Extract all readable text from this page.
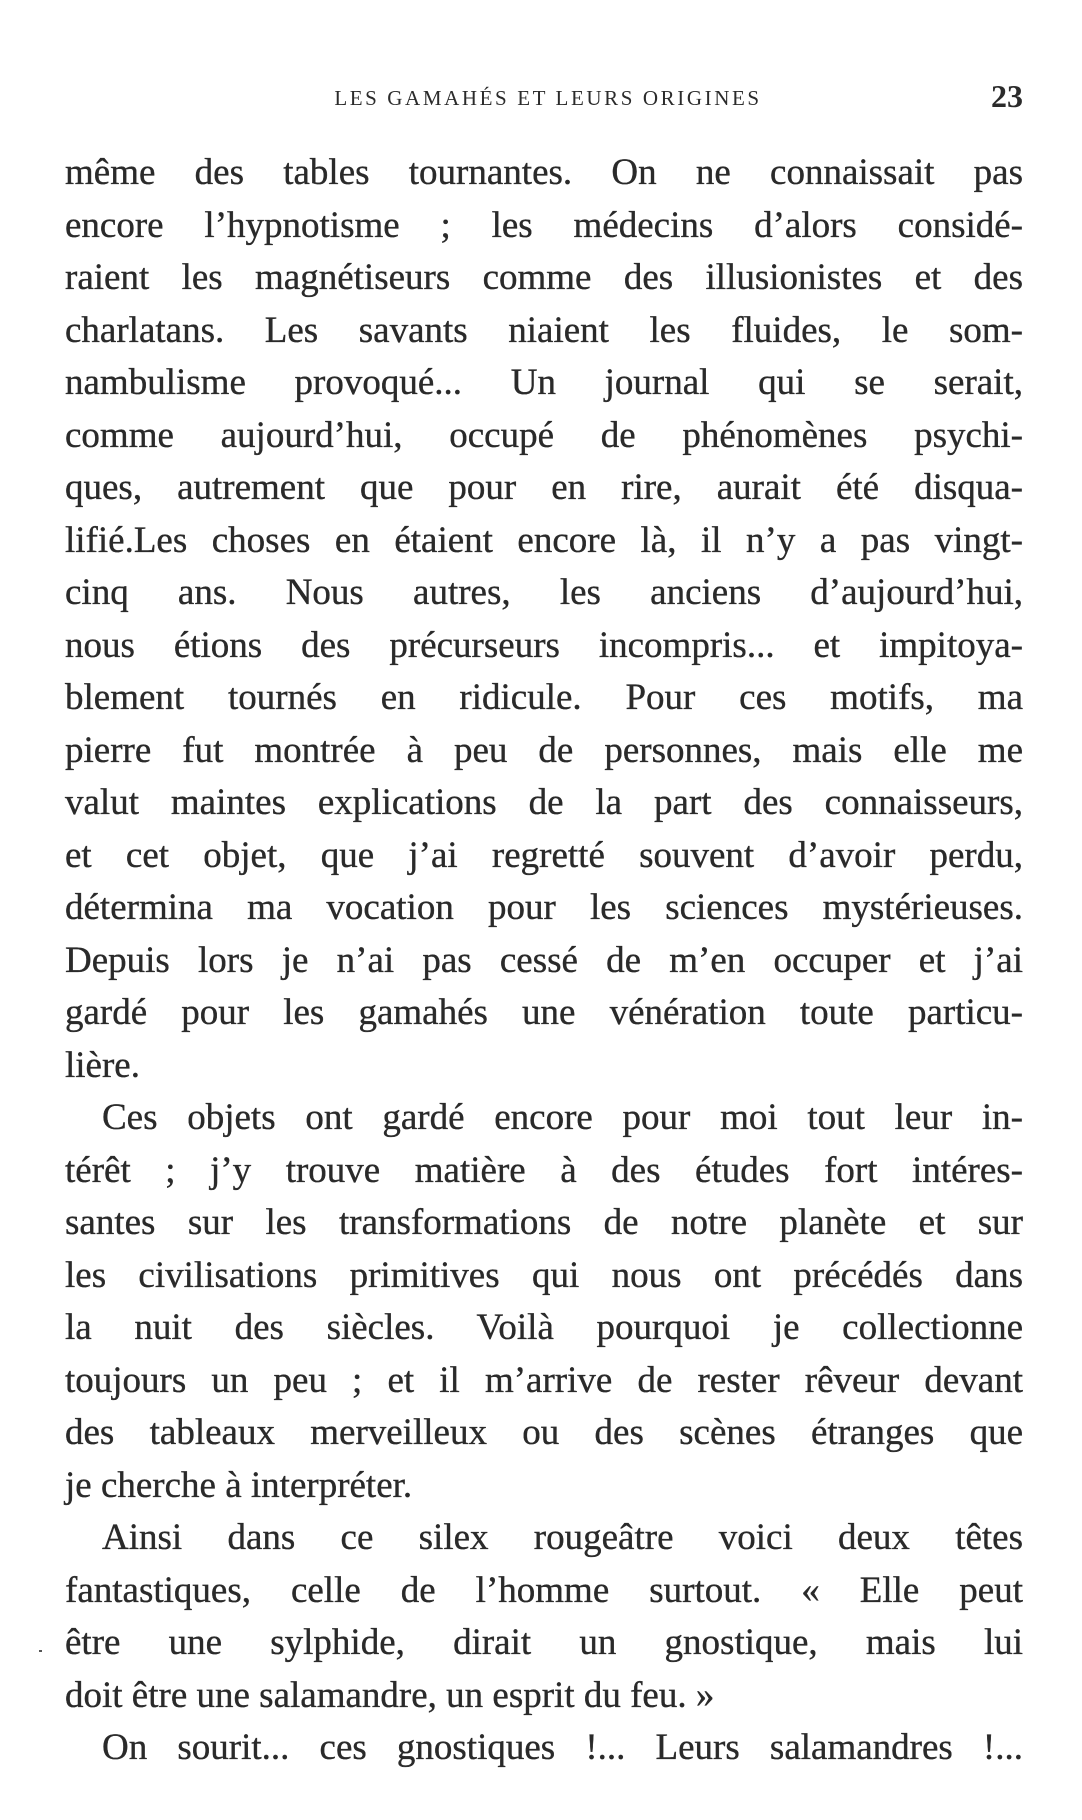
LES GAMAHÉS ET LEURS ORIGINES	23
même des tables tournantes. On ne connaissait pas
encore l’hypnotisme ; les médecins d’alors considé-
raient les magnétiseurs comme des illusionistes et des
charlatans. Les savants niaient les fluides, le som-
nambulisme provoqué... Un journal qui se serait,
comme aujourd’hui, occupé de phénomènes psychi-
ques, autrement que pour en rire, aurait été disqua-
lifié.Les choses en étaient encore là, il n’y a pas vingt-
cinq ans. Nous autres, les anciens d’aujourd’hui,
nous étions des précurseurs incompris... et impitoya-
blement tournés en ridicule. Pour ces motifs, ma
pierre fut montrée à peu de personnes, mais elle me
valut maintes explications de la part des connaisseurs,
et cet objet, que j’ai regretté souvent d’avoir perdu,
détermina ma vocation pour les sciences mystérieuses.
Depuis lors je n’ai pas cessé de m’en occuper et j’ai
gardé pour les gamahés une vénération toute particu-
lière.
Ces objets ont gardé encore pour moi tout leur in-
térêt ; j’y trouve matière à des études fort intéres-
santes sur les transformations de notre planète et sur
les civilisations primitives qui nous ont précédés dans
la nuit des siècles. Voilà pourquoi je collectionne
toujours un peu ; et il m’arrive de rester rêveur devant
des tableaux merveilleux ou des scènes étranges que
je cherche à interpréter.
Ainsi dans ce silex rougeâtre voici deux têtes
fantastiques, celle de l’homme surtout. « Elle peut
être une sylphide, dirait un gnostique, mais lui
doit être une salamandre, un esprit du feu. »
On sourit... ces gnostiques !... Leurs salamandres !...
